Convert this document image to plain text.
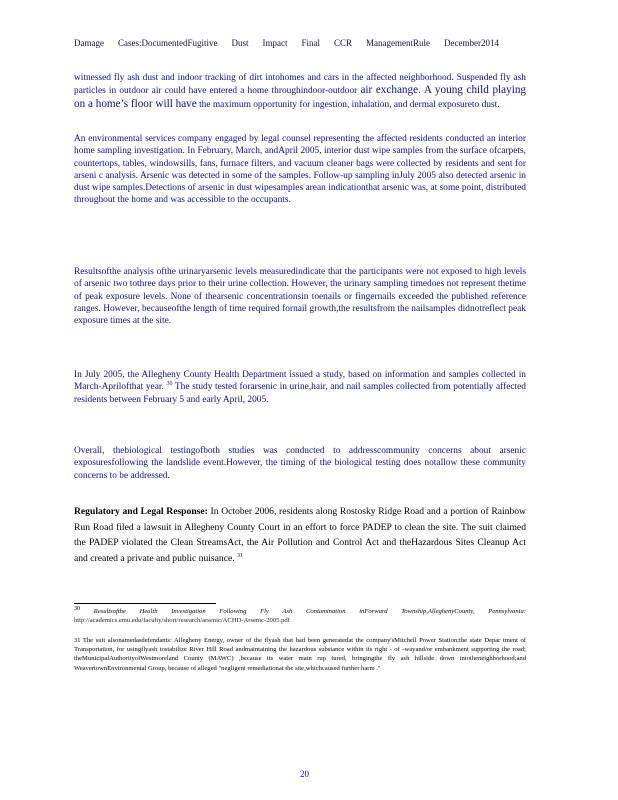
Damage Cases:DocumentedFugitive Dust Impact Final CCR ManagementRule December2014
witnessed fly ash dust and indoor tracking of dirt intohomes and cars in the affected neighborhood. Suspended fly ash particles in outdoor air could have entered a home throughindoor-outdoor air exchange. A young child playing on a home’s floor will have the maximum opportunity for ingestion, inhalation, and dermal exposureto dust.
An environmental services company engaged by legal counsel representing the affected residents conducted an interior home sampling investigation. In February, March, andApril 2005, interior dust wipe samples from the surface ofcarpets, countertops, tables, windowsills, fans, furnace filters, and vacuum cleaner bags were collected by residents and sent for arseni c analysis. Arsenic was detected in some of the samples. Follow-up sampling inJuly 2005 also detected arsenic in dust wipe samples.Detections of arsenic in dust wipesamples arean indicationthat arsenic was, at some point, distributed throughout the home and was accessible to the occupants.
Resultsofthe analysis ofthe urinaryarsenic levels measuredindicate that the participants were not exposed to high levels of arsenic two tothree days prior to their urine collection. However, the urinary sampling timedoes not represent thetime of peak exposure levels. None of thearsenic concentrationsin toenails or fingernails exceeded the published reference ranges. However, becauseofthe length of time required fornail growth,the resultsfrom the nailsamples didnotreflect peak exposure times at the site.
In July 2005, the Allegheny County Health Department issued a study, based on information and samples collected in March-Aprilofthat year. $^{30}$ The study tested forarsenic in urine,hair, and nail samples collected from potentially affected residents between February 5 and early April, 2005.
Overall, thebiological testingofboth studies was conducted to addresscommunity concerns about arsenic exposuresfollowing the landslide event.However, the timing of the biological testing does notallow these community concerns to be addressed.
Regulatory and Legal Response: In October 2006, residents along Rostosky Ridge Road and a portion of Rainbow Run Road filed a lawsuit in Allegheny County Court in an effort to force PADEP to clean the site. The suit claimed the PADEP violated the Clean StreamsAct, the Air Pollution and Control Act and theHazardous Sites Cleanup Act and created a private and public nuisance. $^{31}$
$^{30}$ Resultsofthe Health Investigation Following Fly Ash Contamination inForward Township,AlleghenyCounty, Pennsylvania: http://academics.emu.edu/faculty/short/research/arsenic/ACHD-Arsenic-2005.pdf
31 The suit alsonamedasdefendants: Allegheny Energy, owner of the flyash that had been generatedat the company'sMitchell Power Station;the state Depar tment of Transportation, for usingflyash tostabilize River Hill Road andmaintaining the hazardous substance within its right - of -wayand/or embankment supporting the road; theMunicipalAuthorityofWestmoreland County (MAWC) ,because its water main rup tured, bringingthe fly ash hillside down intotheneighborhood;and WeavertownEnvironmental Group, because of alleged "negligent remediationat the site,whichcaused further harm ."
20
